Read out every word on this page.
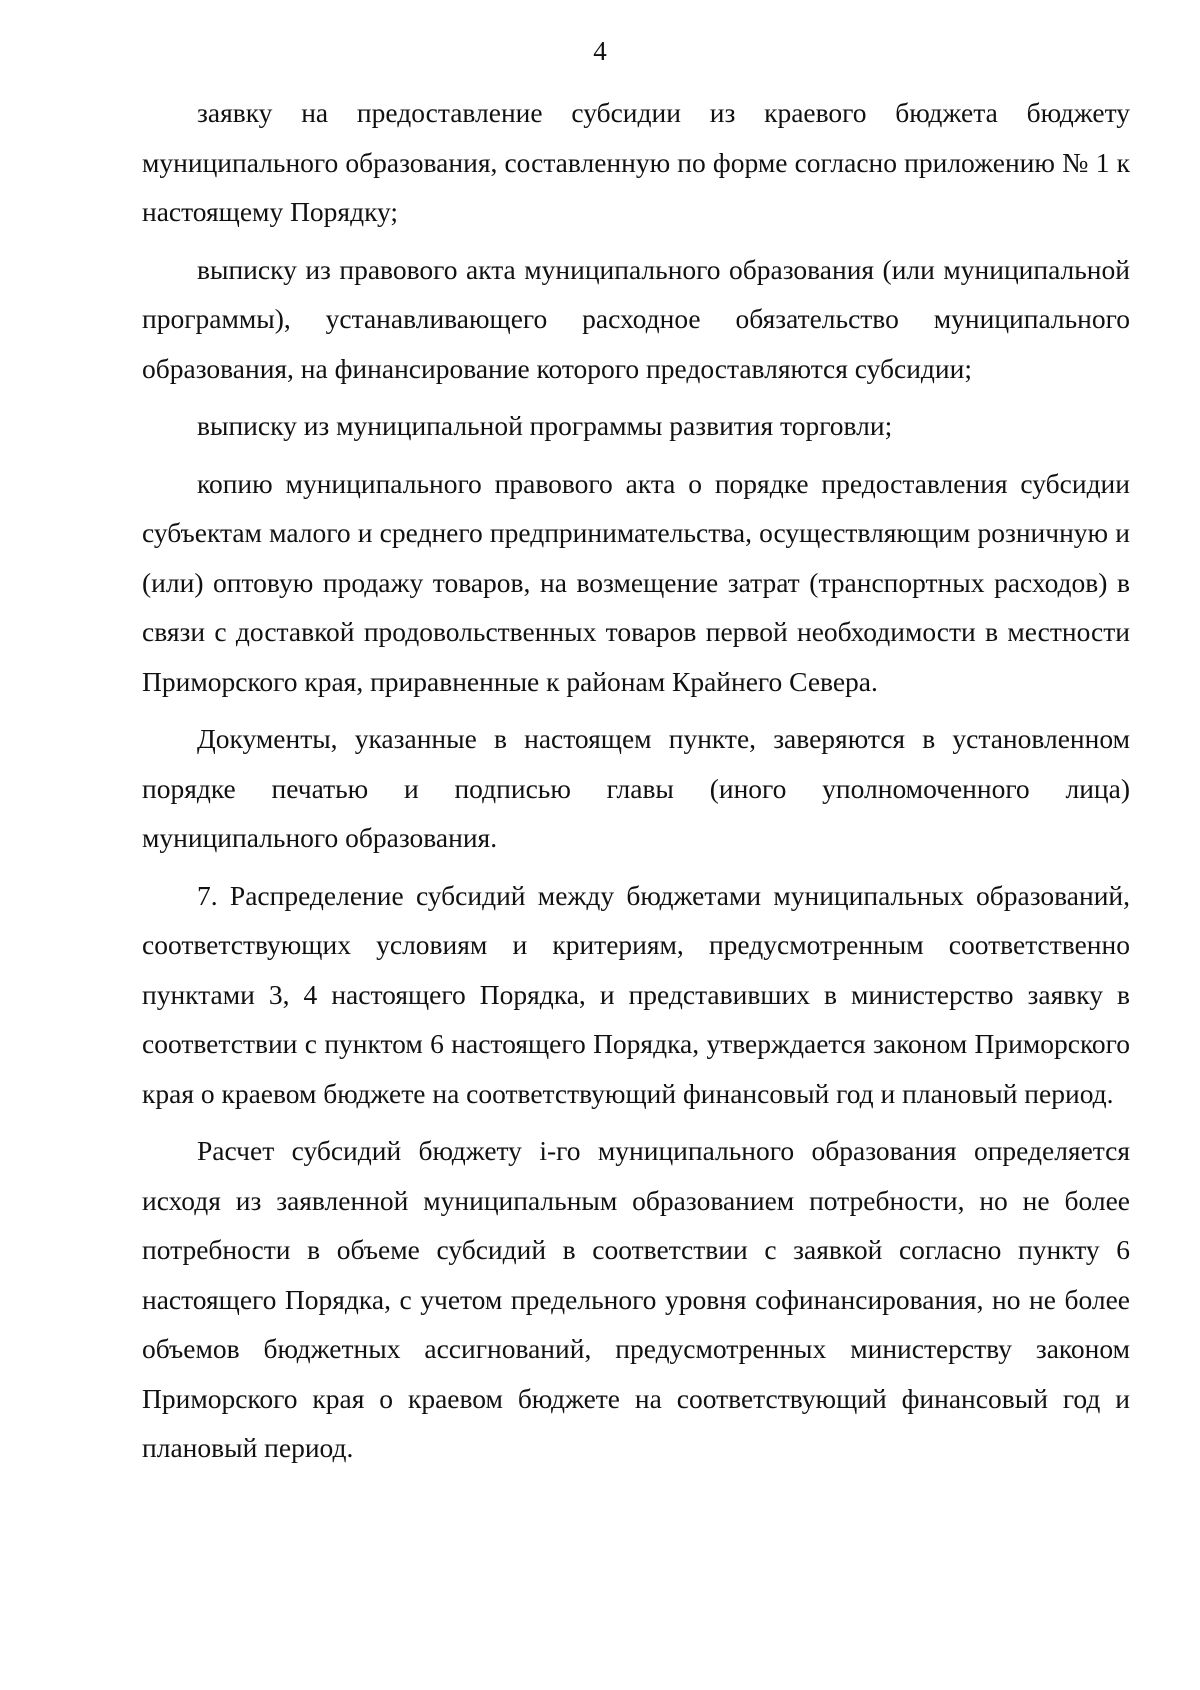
4

заявку на предоставление субсидии из краевого бюджета бюджету муниципального образования, составленную по форме согласно приложению № 1 к настоящему Порядку;

выписку из правового акта муниципального образования (или муниципальной программы), устанавливающего расходное обязательство муниципального образования, на финансирование которого предоставляются субсидии;

выписку из муниципальной программы развития торговли;

копию муниципального правового акта о порядке предоставления субсидии субъектам малого и среднего предпринимательства, осуществляющим розничную и (или) оптовую продажу товаров, на возмещение затрат (транспортных расходов) в связи с доставкой продовольственных товаров первой необходимости в местности Приморского края, приравненные к районам Крайнего Севера.

Документы, указанные в настоящем пункте, заверяются в установленном порядке печатью и подписью главы (иного уполномоченного лица) муниципального образования.

7. Распределение субсидий между бюджетами муниципальных образований, соответствующих условиям и критериям, предусмотренным соответственно пунктами 3, 4 настоящего Порядка, и представивших в министерство заявку в соответствии с пунктом 6 настоящего Порядка, утверждается законом Приморского края о краевом бюджете на соответствующий финансовый год и плановый период.

Расчет субсидий бюджету i-го муниципального образования определяется исходя из заявленной муниципальным образованием потребности, но не более потребности в объеме субсидий в соответствии с заявкой согласно пункту 6 настоящего Порядка, с учетом предельного уровня софинансирования, но не более объемов бюджетных ассигнований, предусмотренных министерству законом Приморского края о краевом бюджете на соответствующий финансовый год и плановый период.
